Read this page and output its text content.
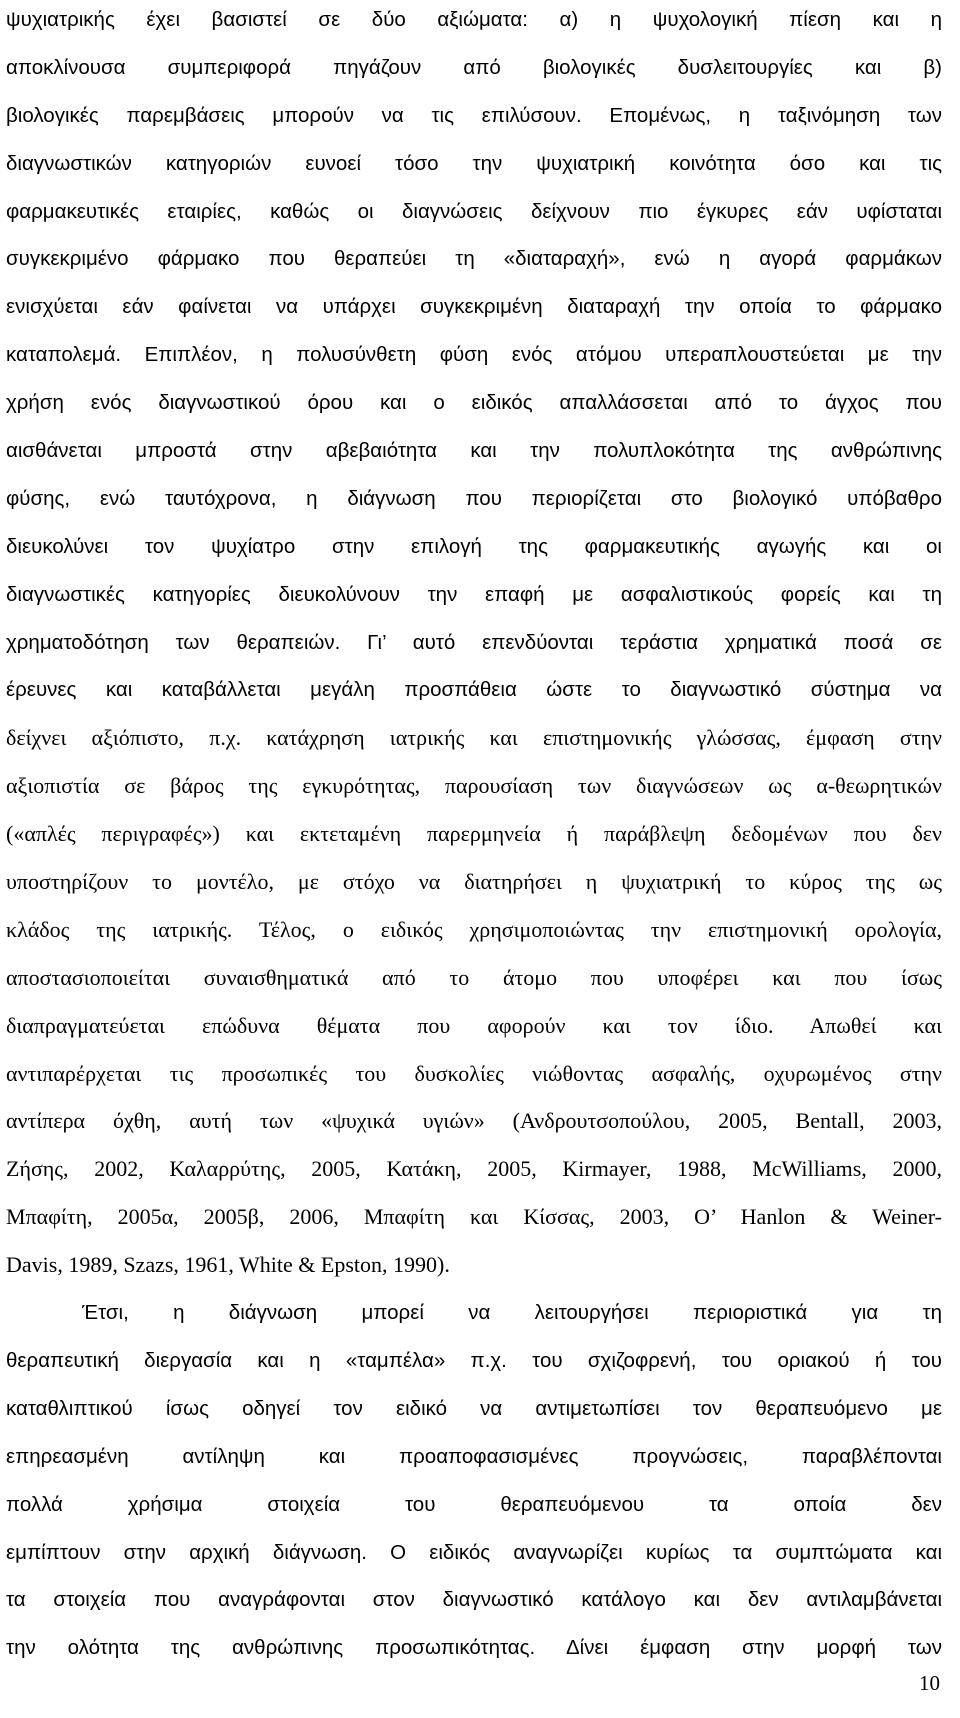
ψυχιατρικής έχει βασιστεί σε δύο αξιώματα: α) η ψυχολογική πίεση και η
αποκλίνουσα συμπεριφορά πηγάζουν από βιολογικές δυσλειτουργίες και β)
βιολογικές παρεμβάσεις μπορούν να τις επιλύσουν. Επομένως, η ταξινόμηση των
διαγνωστικών κατηγοριών ευνοεί τόσο την ψυχιατρική κοινότητα όσο και τις
φαρμακευτικές εταιρίες, καθώς οι διαγνώσεις δείχνουν πιο έγκυρες εάν υφίσταται
συγκεκριμένο φάρμακο που θεραπεύει τη «διαταραχή», ενώ η αγορά φαρμάκων
ενισχύεται εάν φαίνεται να υπάρχει συγκεκριμένη διαταραχή την οποία το φάρμακο
καταπολεμά. Επιπλέον, η πολυσύνθετη φύση ενός ατόμου υπεραπλουστεύεται με την
χρήση ενός διαγνωστικού όρου και ο ειδικός απαλλάσσεται από το άγχος που
αισθάνεται μπροστά στην αβεβαιότητα και την πολυπλοκότητα της ανθρώπινης
φύσης, ενώ ταυτόχρονα, η διάγνωση που περιορίζεται στο βιολογικό υπόβαθρο
διευκολύνει τον ψυχίατρο στην επιλογή της φαρμακευτικής αγωγής και οι
διαγνωστικές κατηγορίες διευκολύνουν την επαφή με ασφαλιστικούς φορείς και τη
χρηματοδότηση των θεραπειών. Γι’ αυτό επενδύονται τεράστια χρηματικά ποσά σε
έρευνες και καταβάλλεται μεγάλη προσπάθεια ώστε το διαγνωστικό σύστημα να
δείχνει αξιόπιστο, π.χ. κατάχρηση ιατρικής και επιστημονικής γλώσσας, έμφαση στην
αξιοπιστία σε βάρος της εγκυρότητας, παρουσίαση των διαγνώσεων ως α-θεωρητικών
(«απλές περιγραφές») και εκτεταμένη παρερμηνεία ή παράβλεψη δεδομένων που δεν
υποστηρίζουν το μοντέλο, με στόχο να διατηρήσει η ψυχιατρική το κύρος της ως
κλάδος της ιατρικής. Τέλος, ο ειδικός χρησιμοποιώντας την επιστημονική ορολογία,
αποστασιοποιείται συναισθηματικά από το άτομο που υποφέρει και που ίσως
διαπραγματεύεται επώδυνα θέματα που αφορούν και τον ίδιο. Απωθεί και
αντιπαρέρχεται τις προσωπικές του δυσκολίες νιώθοντας ασφαλής, οχυρωμένος στην
αντίπερα όχθη, αυτή των «ψυχικά υγιών» (Ανδρουτσοπούλου, 2005, Bentall, 2003,
Ζήσης, 2002, Καλαρρύτης, 2005, Κατάκη, 2005, Kirmayer, 1988, McWilliams, 2000,
Μπαφίτη, 2005α, 2005β, 2006, Μπαφίτη και Κίσσας, 2003, O’ Hanlon & Weiner-
Davis, 1989, Szazs, 1961, White & Epston, 1990).
Έτσι, η διάγνωση μπορεί να λειτουργήσει περιοριστικά για τη
θεραπευτική διεργασία και η «ταμπέλα» π.χ. του σχιζοφρενή, του οριακού ή του
καταθλιπτικού ίσως οδηγεί τον ειδικό να αντιμετωπίσει τον θεραπευόμενο με
επηρεασμένη αντίληψη και προαποφασισμένες προγνώσεις, παραβλέπονται
πολλά χρήσιμα στοιχεία του θεραπευόμενου τα οποία δεν
εμπίπτουν στην αρχική διάγνωση. Ο ειδικός αναγνωρίζει κυρίως τα συμπτώματα και
τα στοιχεία που αναγράφονται στον διαγνωστικό κατάλογο και δεν αντιλαμβάνεται
την ολότητα της ανθρώπινης προσωπικότητας. Δίνει έμφαση στην μορφή των
10
